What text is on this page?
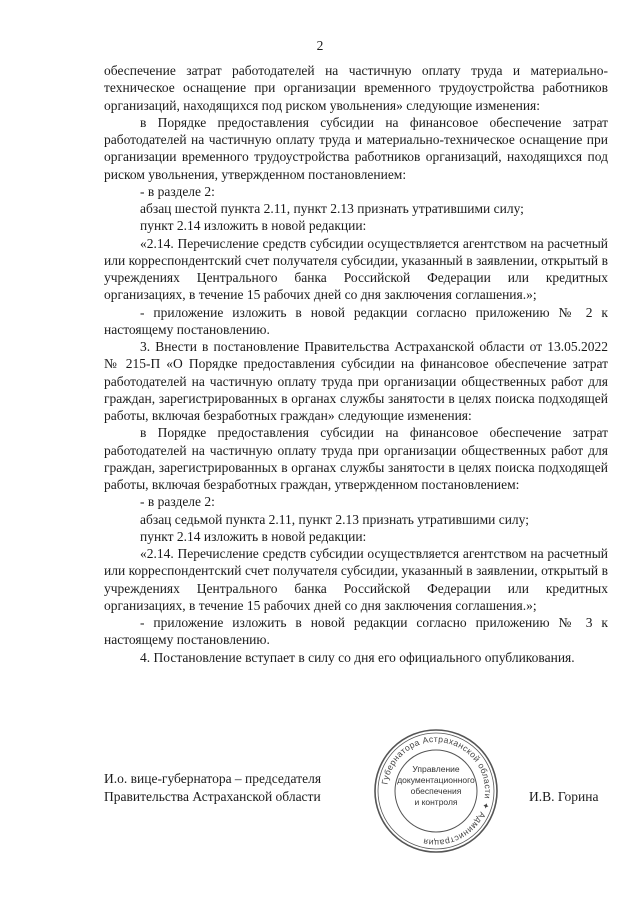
2

обеспечение затрат работодателей на частичную оплату труда и материально-техническое оснащение при организации временного трудоустройства работников организаций, находящихся под риском увольнения» следующие изменения:

в Порядке предоставления субсидии на финансовое обеспечение затрат работодателей на частичную оплату труда и материально-техническое оснащение при организации временного трудоустройства работников организаций, находящихся под риском увольнения, утвержденном постановлением:

- в разделе 2:

абзац шестой пункта 2.11, пункт 2.13 признать утратившими силу;

пункт 2.14 изложить в новой редакции:

«2.14. Перечисление средств субсидии осуществляется агентством на расчетный или корреспондентский счет получателя субсидии, указанный в заявлении, открытый в учреждениях Центрального банка Российской Федерации или кредитных организациях, в течение 15 рабочих дней со дня заключения соглашения.»;

- приложение изложить в новой редакции согласно приложению № 2 к настоящему постановлению.

3. Внести в постановление Правительства Астраханской области от 13.05.2022 № 215-П «О Порядке предоставления субсидии на финансовое обеспечение затрат работодателей на частичную оплату труда при организации общественных работ для граждан, зарегистрированных в органах службы занятости в целях поиска подходящей работы, включая безработных граждан» следующие изменения:

в Порядке предоставления субсидии на финансовое обеспечение затрат работодателей на частичную оплату труда при организации общественных работ для граждан, зарегистрированных в органах службы занятости в целях поиска подходящей работы, включая безработных граждан, утвержденном постановлением:

- в разделе 2:

абзац седьмой пункта 2.11, пункт 2.13 признать утратившими силу;

пункт 2.14 изложить в новой редакции:

«2.14. Перечисление средств субсидии осуществляется агентством на расчетный или корреспондентский счет получателя субсидии, указанный в заявлении, открытый в учреждениях Центрального банка Российской Федерации или кредитных организациях, в течение 15 рабочих дней со дня заключения соглашения.»;

- приложение изложить в новой редакции согласно приложению № 3 к настоящему постановлению.

4. Постановление вступает в силу со дня его официального опубликования.

И.о. вице-губернатора – председателя
Правительства Астраханской области
Губернатора Астраханской области ✦ Администрация
Управление
документационного
обеспечения
и контроля	И.В. Горина
